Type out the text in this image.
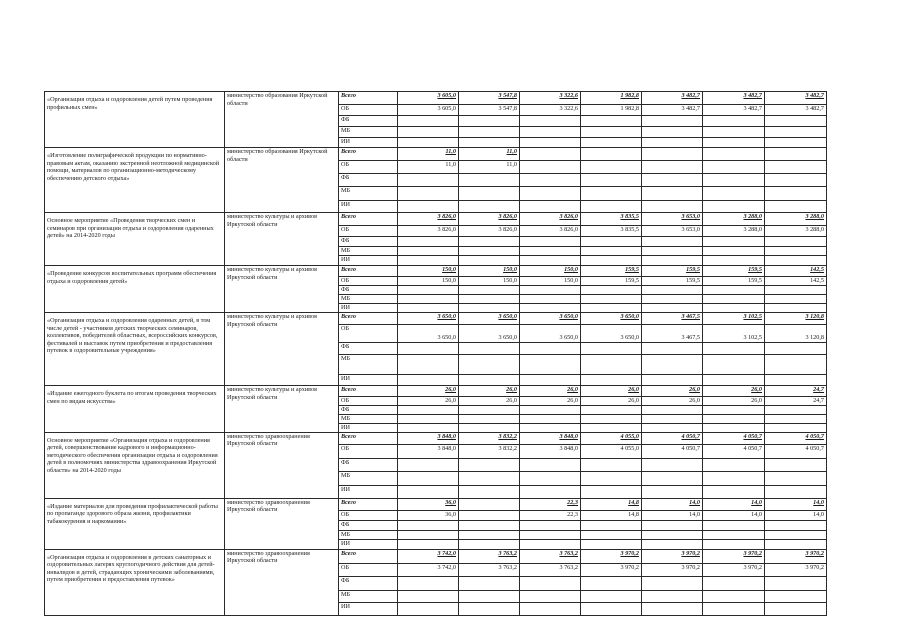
«Организация отдыха и оздоровления детей путем проведения профильных смен»	министерство образования Иркутской области	Всего	3 605,0	3 547,8	3 322,6	1 982,8	3 482,7	3 482,7	3 482,7
		ОБ	3 605,0	3 547,8	3 322,6	1 982,8	3 482,7	3 482,7	3 482,7
		ФБ							
		МБ							
		ИИ							
«Изготовление полиграфической продукции по нормативно-правовым актам, оказанию экстренной неотложной медицинской помощи, материалов по организационно-методическому обеспечению детского отдыха»	министерство образования Иркутской области	Всего	11,0	11,0					
		ОБ	11,0	11,0					
		ФБ							
		МБ							
		ИИ							
Основное мероприятие «Проведения творческих смен и семинаров при организации отдыха и оздоровления одаренных детей» на 2014-2020 годы	министерство культуры и архивов Иркутской области	Всего	3 826,0	3 826,0	3 826,0	3 835,5	3 653,0	3 288,0	3 288,0
		ОБ	3 826,0	3 826,0	3 826,0	3 835,5	3 653,0	3 288,0	3 288,0
		ФБ							
		МБ							
		ИИ							
«Проведение конкурсов воспитательных программ обеспечения отдыха и оздоровления детей»	министерство культуры и архивов Иркутской области	Всего	150,0	150,0	150,0	159,5	159,5	159,5	142,5
		ОБ	150,0	150,0	150,0	159,5	159,5	159,5	142,5
		ФБ							
		МБ							
		ИИ							
«Организация отдыха и оздоровления одаренных детей, в том числе детей - участников детских творческих семинаров, коллективов, победителей областных, всероссийских конкурсов, фестивалей и выставок путем приобретения и предоставления путевок в оздоровительные учреждения»	министерство культуры и архивов Иркутской области	Всего	3 650,0	3 650,0	3 650,0	3 650,0	3 467,5	3 102,5	3 120,8
		ОБ	3 650,0	3 650,0	3 650,0	3 650,0	3 467,5	3 102,5	3 120,8
		ФБ							
		МБ							
		ИИ							
«Издание ежегодного буклета по итогам проведения творческих смен по видам искусства»	министерство культуры и архивов Иркутской области	Всего	26,0	26,0	26,0	26,0	26,0	26,0	24,7
		ОБ	26,0	26,0	26,0	26,0	26,0	26,0	24,7
		ФБ							
		МБ							
		ИИ							
Основное мероприятие «Организация отдыха и оздоровления детей, совершенствование кадрового и информационно-методического обеспечения организации отдыха и оздоровления детей в полномочиях министерства здравоохранения Иркутской области» на 2014-2020 годы	министерство здравоохранения Иркутской области	Всего	3 848,0	3 832,2	3 848,0	4 055,0	4 050,7	4 050,7	4 050,7
		ОБ	3 848,0	3 832,2	3 848,0	4 055,0	4 050,7	4 050,7	4 050,7
		ФБ							
		МБ							
		ИИ							
«Издание материалов для проведения профилактической работы по пропаганде здорового образа жизни, профилактики табакокурения и наркомании»	министерство здравоохранения Иркутской области	Всего	36,0		22,3	14,8	14,0	14,0	14,0
		ОБ	36,0		22,3	14,8	14,0	14,0	14,0
		ФБ							
		МБ							
		ИИ							
«Организация отдыха и оздоровления в детских санаторных и оздоровительных лагерях круглогодичного действия для детей-инвалидов и детей, страдающих хроническими заболеваниями, путем приобретения и предоставления путевок»	министерство здравоохранения Иркутской области	Всего	3 742,0	3 763,2	3 763,2	3 970,2	3 970,2	3 970,2	3 970,2
		ОБ	3 742,0	3 763,2	3 763,2	3 970,2	3 970,2	3 970,2	3 970,2
		ФБ							
		МБ							
		ИИ							
